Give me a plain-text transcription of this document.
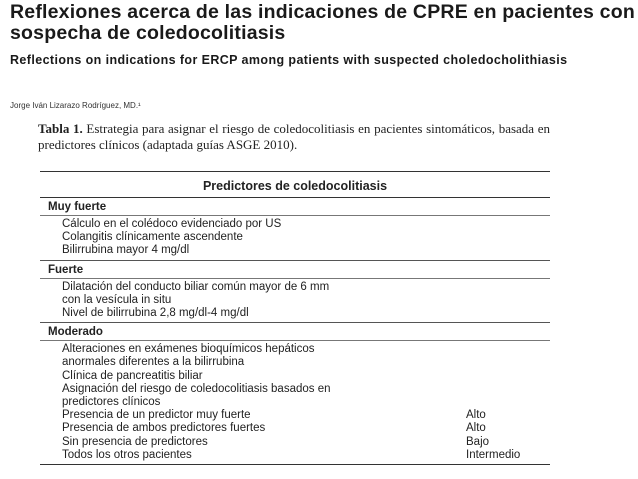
Reflexiones acerca de las indicaciones de CPRE en pacientes con sospecha de coledocolitiasis
Reflections on indications for ERCP among patients with suspected choledocholithiasis
Jorge Iván Lizarazo Rodríguez, MD.¹
Tabla 1. Estrategia para asignar el riesgo de coledocolitiasis en pacientes sintomáticos, basada en predictores clínicos (adaptada guías ASGE 2010).
Predictores de coledocolitiasis
Muy fuerte
Cálculo en el colédoco evidenciado por US
Colangitis clínicamente ascendente
Bilirrubina mayor 4 mg/dl
Fuerte
Dilatación del conducto biliar común mayor de 6 mm
con la vesícula in situ
Nivel de bilirrubina 2,8 mg/dl-4 mg/dl
Moderado
Alteraciones en exámenes bioquímicos hepáticos
anormales diferentes a la bilirrubina
Clínica de pancreatitis biliar
Asignación del riesgo de coledocolitiasis basados en
predictores clínicos
Presencia de un predictor muy fuerte	Alto
Presencia de ambos predictores fuertes	Alto
Sin presencia de predictores	Bajo
Todos los otros pacientes	Intermedio
